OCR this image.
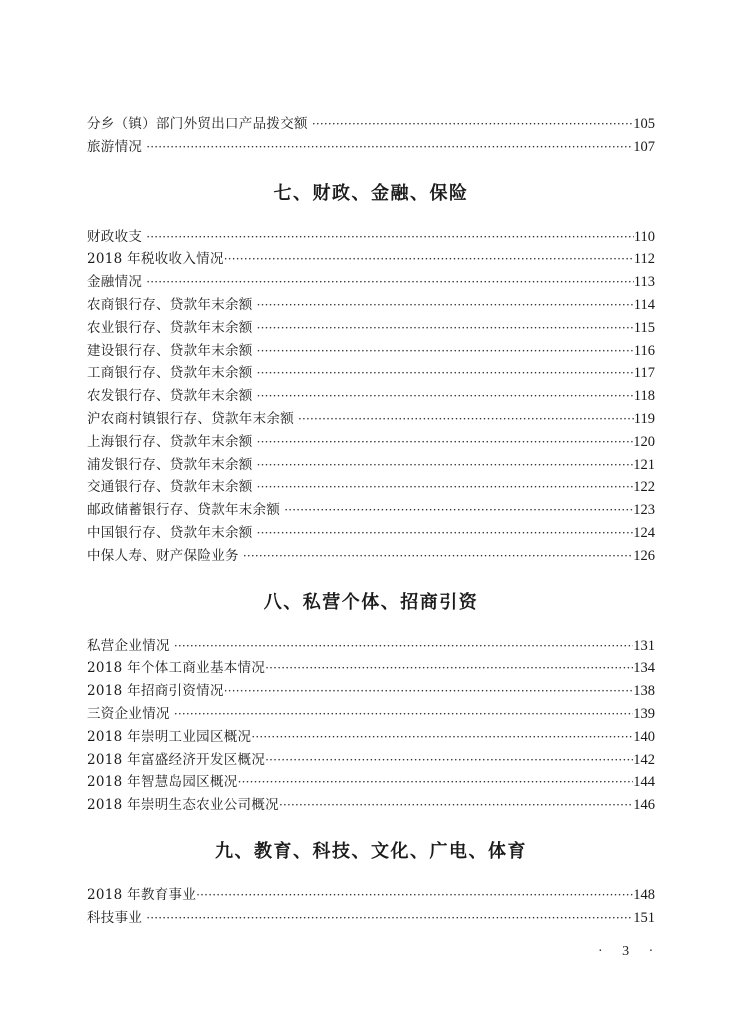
分乡（镇）部门外贸出口产品拨交额 ·····	105
旅游情况 ·····	107
七、财政、金融、保险
财政收支 ·····	110
2018 年税收收入情况 ·····	112
金融情况 ·····	113
农商银行存、贷款年末余额 ·····	114
农业银行存、贷款年末余额 ·····	115
建设银行存、贷款年末余额 ·····	116
工商银行存、贷款年末余额 ·····	117
农发银行存、贷款年末余额 ·····	118
沪农商村镇银行存、贷款年末余额 ·····	119
上海银行存、贷款年末余额 ·····	120
浦发银行存、贷款年末余额 ·····	121
交通银行存、贷款年末余额 ·····	122
邮政储蓄银行存、贷款年末余额 ·····	123
中国银行存、贷款年末余额 ·····	124
中保人寿、财产保险业务 ·····	126
八、私营个体、招商引资
私营企业情况 ·····	131
2018 年个体工商业基本情况 ·····	134
2018 年招商引资情况 ·····	138
三资企业情况 ·····	139
2018 年崇明工业园区概况 ·····	140
2018 年富盛经济开发区概况 ·····	142
2018 年智慧岛园区概况 ·····	144
2018 年崇明生态农业公司概况 ·····	146
九、教育、科技、文化、广电、体育
2018 年教育事业 ·····	148
科技事业 ·····	151
· 3 ·
